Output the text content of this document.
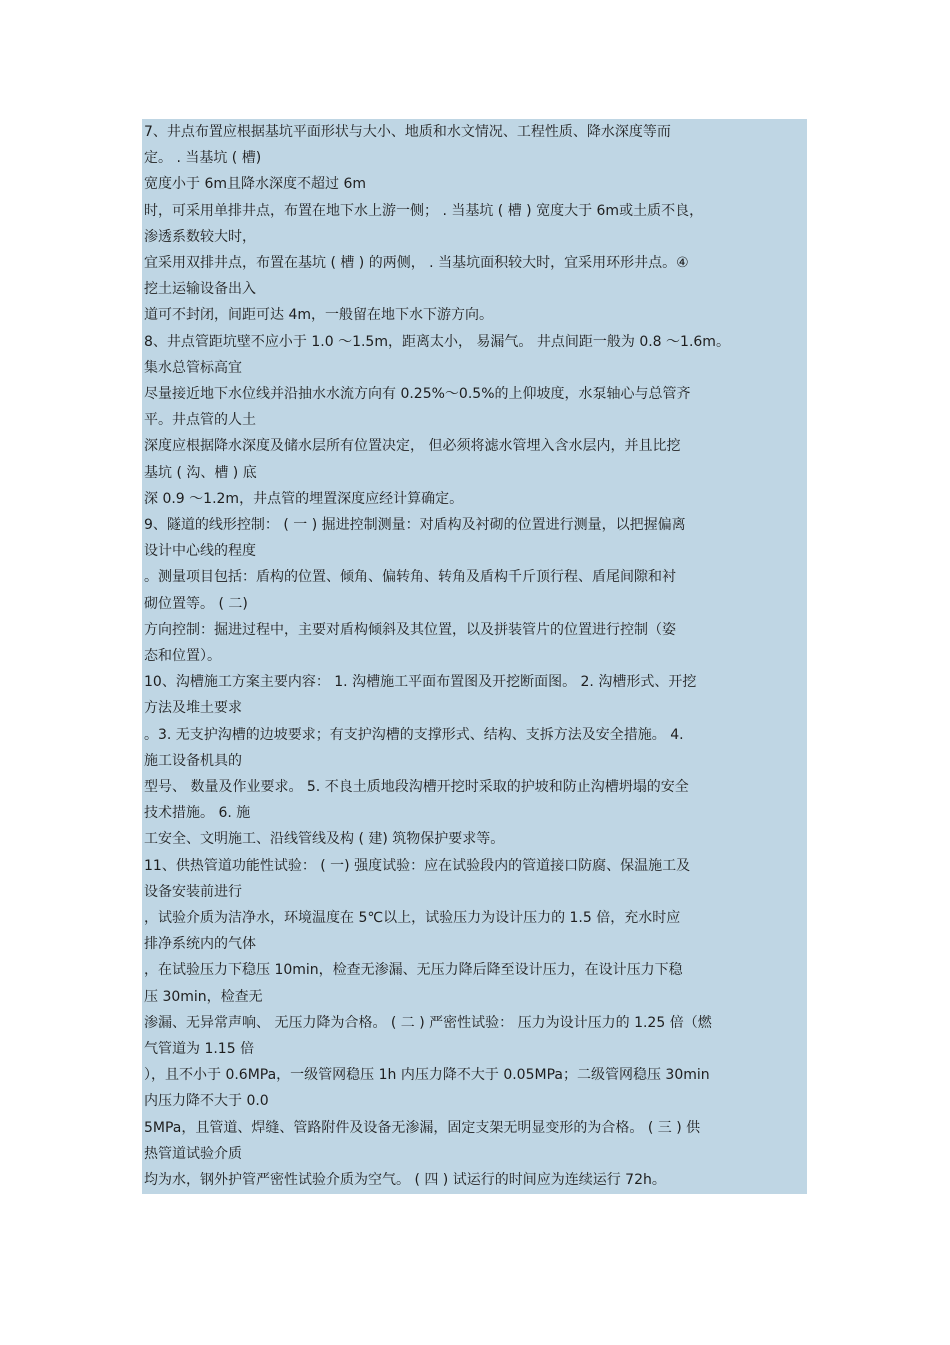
7、井点布置应根据基坑平面形状与大小、地质和水文情况、工程性质、降水深度等而
定。 . 当基坑 ( 槽)
宽度小于 6m且降水深度不超过 6m
时，可采用单排井点，布置在地下水上游一侧； . 当基坑 ( 槽 ) 宽度大于 6m或土质不良，
渗透系数较大时，
宜采用双排井点，布置在基坑 ( 槽 ) 的两侧， . 当基坑面积较大时，宜采用环形井点。④
挖土运输设备出入
道可不封闭，间距可达 4m，一般留在地下水下游方向。
8、井点管距坑壁不应小于 1.0 ～1.5m，距离太小， 易漏气。 井点间距一般为 0.8 ～1.6m。
集水总管标高宜
尽量接近地下水位线并沿抽水水流方向有 0.25%～0.5%的上仰坡度，水泵轴心与总管齐
平。井点管的人土
深度应根据降水深度及储水层所有位置决定， 但必须将滤水管埋入含水层内，并且比挖
基坑 ( 沟、槽 ) 底
深 0.9 ～1.2m，井点管的埋置深度应经计算确定。
9、隧道的线形控制： ( 一 ) 掘进控制测量：对盾构及衬砌的位置进行测量，以把握偏离
设计中心线的程度
。测量项目包括：盾构的位置、倾角、偏转角、转角及盾构千斤顶行程、盾尾间隙和衬
砌位置等。 ( 二)
方向控制：掘进过程中，主要对盾构倾斜及其位置，以及拼装管片的位置进行控制（姿
态和位置）。
10、沟槽施工方案主要内容： 1. 沟槽施工平面布置图及开挖断面图。 2. 沟槽形式、开挖
方法及堆土要求
。3. 无支护沟槽的边坡要求；有支护沟槽的支撑形式、结构、支拆方法及安全措施。 4.
施工设备机具的
型号、 数量及作业要求。 5. 不良土质地段沟槽开挖时采取的护坡和防止沟槽坍塌的安全
技术措施。 6. 施
工安全、文明施工、沿线管线及构 ( 建) 筑物保护要求等。
11、供热管道功能性试验： ( 一) 强度试验：应在试验段内的管道接口防腐、保温施工及
设备安装前进行
，试验介质为洁净水，环境温度在 5℃以上，试验压力为设计压力的 1.5 倍，充水时应
排净系统内的气体
，在试验压力下稳压 10min，检查无渗漏、无压力降后降至设计压力，在设计压力下稳
压 30min，检查无
渗漏、无异常声响、 无压力降为合格。 ( 二 ) 严密性试验： 压力为设计压力的 1.25 倍（燃
气管道为 1.15 倍
），且不小于 0.6MPa，一级管网稳压 1h 内压力降不大于 0.05MPa；二级管网稳压 30min
内压力降不大于 0.0
5MPa，且管道、焊缝、管路附件及设备无渗漏，固定支架无明显变形的为合格。 ( 三 ) 供
热管道试验介质
均为水，钢外护管严密性试验介质为空气。 ( 四 ) 试运行的时间应为连续运行 72h。
